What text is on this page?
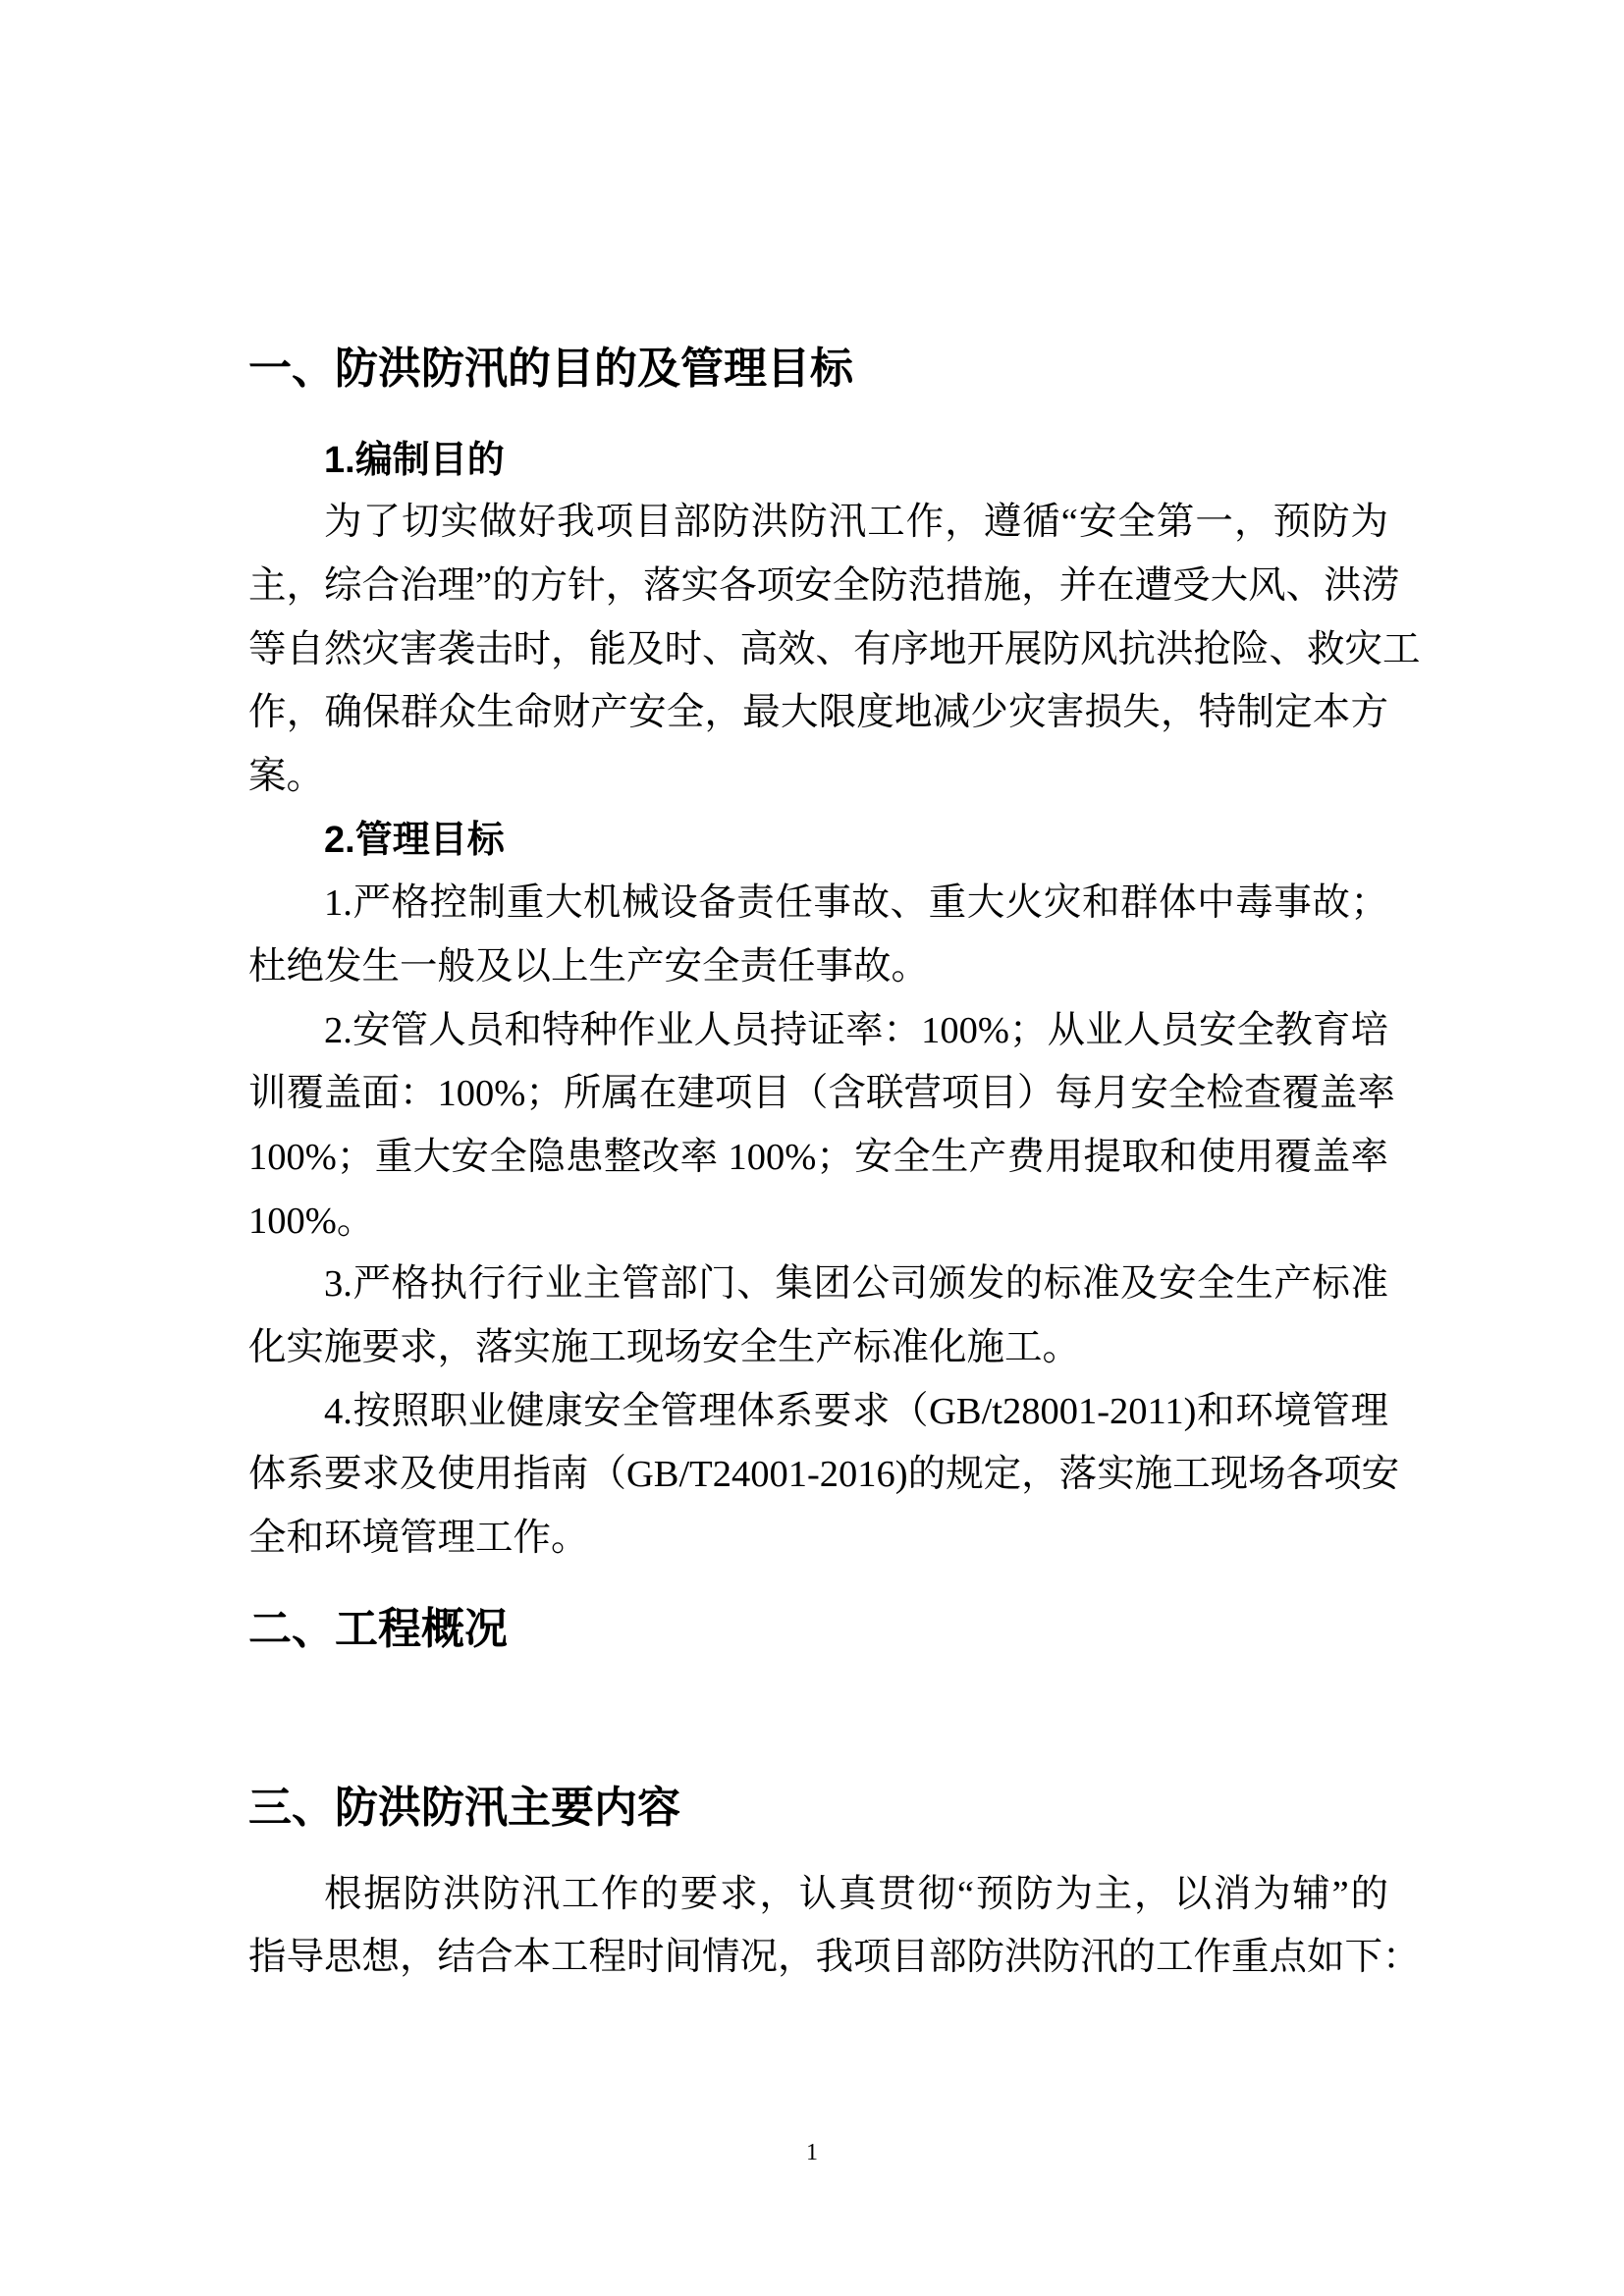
一、防洪防汛的目的及管理目标
1.编制目的
为了切实做好我项目部防洪防汛工作，遵循“安全第一，预防为
主，综合治理”的方针，落实各项安全防范措施，并在遭受大风、洪涝
等自然灾害袭击时，能及时、高效、有序地开展防风抗洪抢险、救灾工
作，确保群众生命财产安全，最大限度地减少灾害损失，特制定本方
案。
2.管理目标
1.严格控制重大机械设备责任事故、重大火灾和群体中毒事故；
杜绝发生一般及以上生产安全责任事故。
2.安管人员和特种作业人员持证率：100%；从业人员安全教育培
训覆盖面：100%；所属在建项目（含联营项目）每月安全检查覆盖率
100%；重大安全隐患整改率 100%；安全生产费用提取和使用覆盖率
100%。
3.严格执行行业主管部门、集团公司颁发的标准及安全生产标准
化实施要求，落实施工现场安全生产标准化施工。
4.按照职业健康安全管理体系要求（GB/t28001-2011)和环境管理
体系要求及使用指南（GB/T24001-2016)的规定，落实施工现场各项安
全和环境管理工作。
二、工程概况
三、防洪防汛主要内容
根据防洪防汛工作的要求，认真贯彻“预防为主，以消为辅”的
指导思想，结合本工程时间情况，我项目部防洪防汛的工作重点如下：
1
